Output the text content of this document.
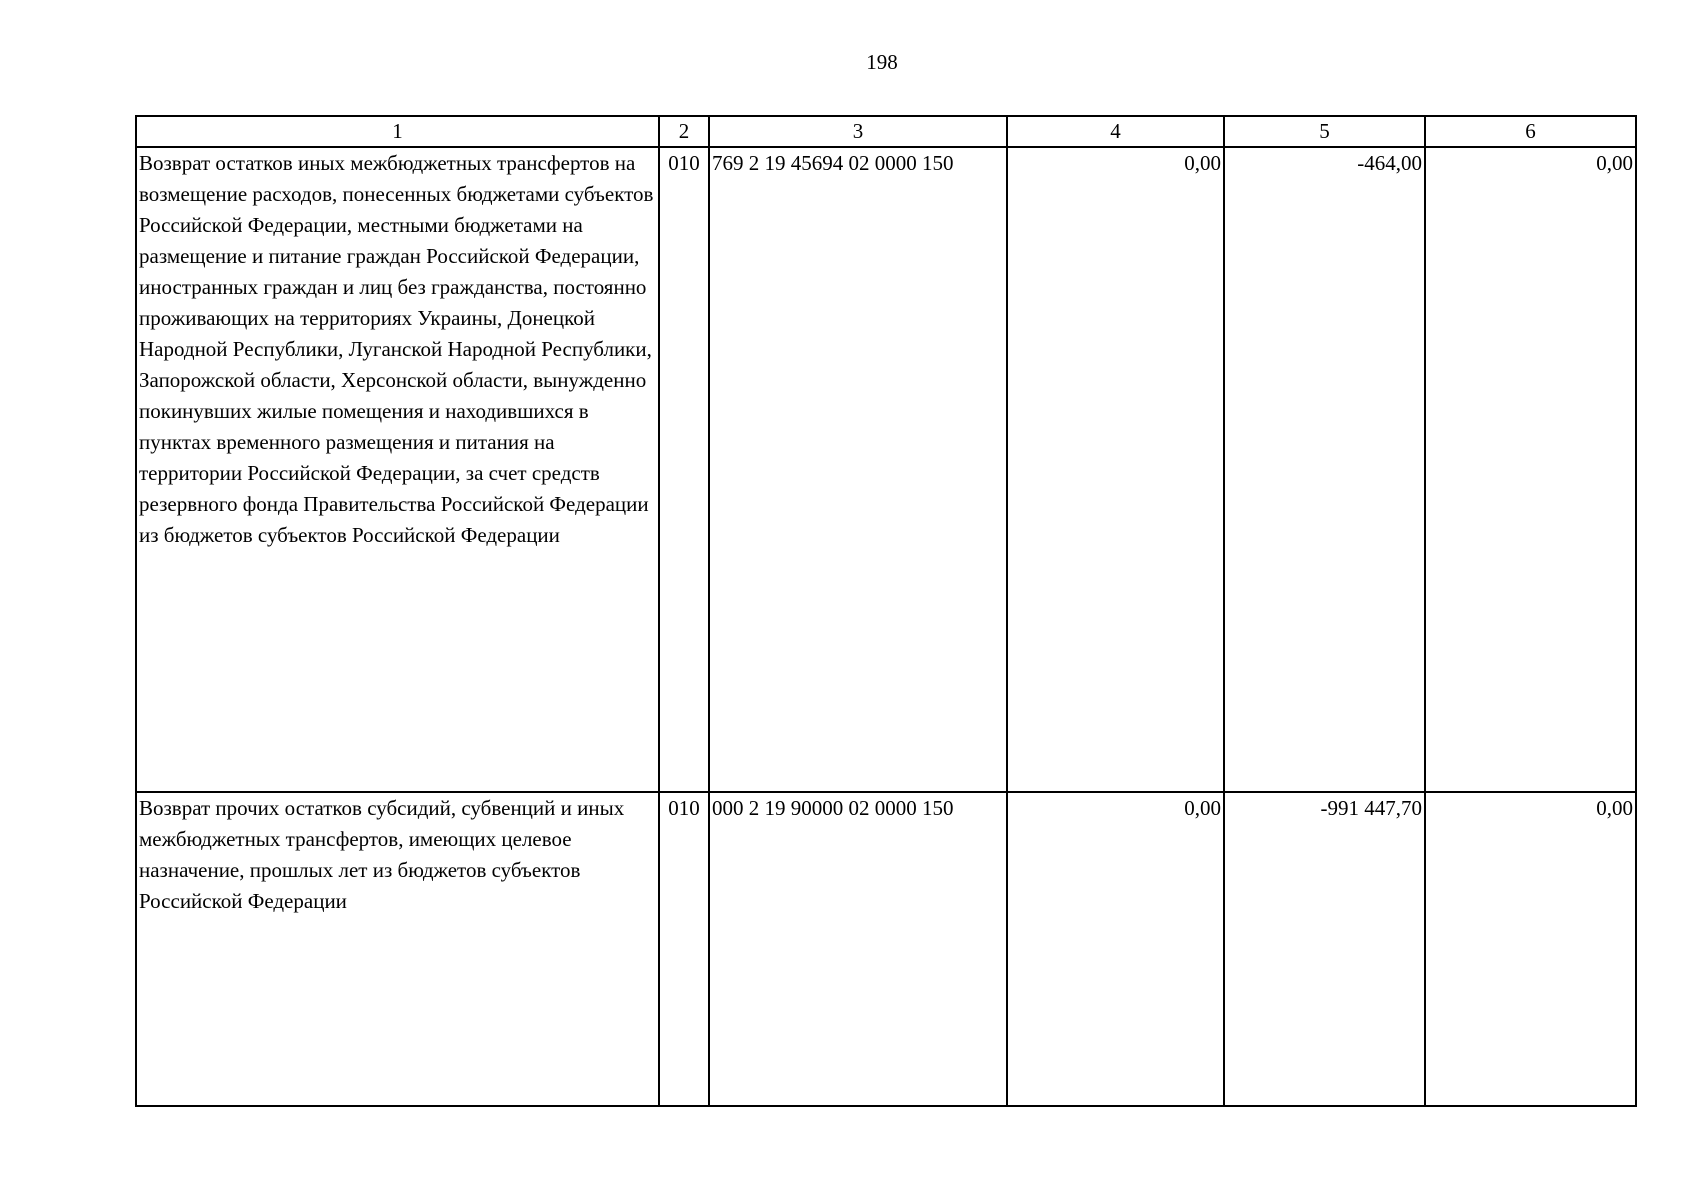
198
1	2	3	4	5	6
Возврат остатков иных межбюджетных трансфертов на возмещение расходов, понесенных бюджетами субъектов Российской Федерации, местными бюджетами на размещение и питание граждан Российской Федерации, иностранных граждан и лиц без гражданства, постоянно проживающих на территориях Украины, Донецкой Народной Республики, Луганской Народной Республики, Запорожской области, Херсонской области, вынужденно покинувших жилые помещения и находившихся в пунктах временного размещения и питания на территории Российской Федерации, за счет средств резервного фонда Правительства Российской Федерации из бюджетов субъектов Российской Федерации	010	769 2 19 45694 02 0000 150	0,00	-464,00	0,00
Возврат прочих остатков субсидий, субвенций и иных межбюджетных трансфертов, имеющих целевое назначение, прошлых лет из бюджетов субъектов Российской Федерации	010	000 2 19 90000 02 0000 150	0,00	-991 447,70	0,00
